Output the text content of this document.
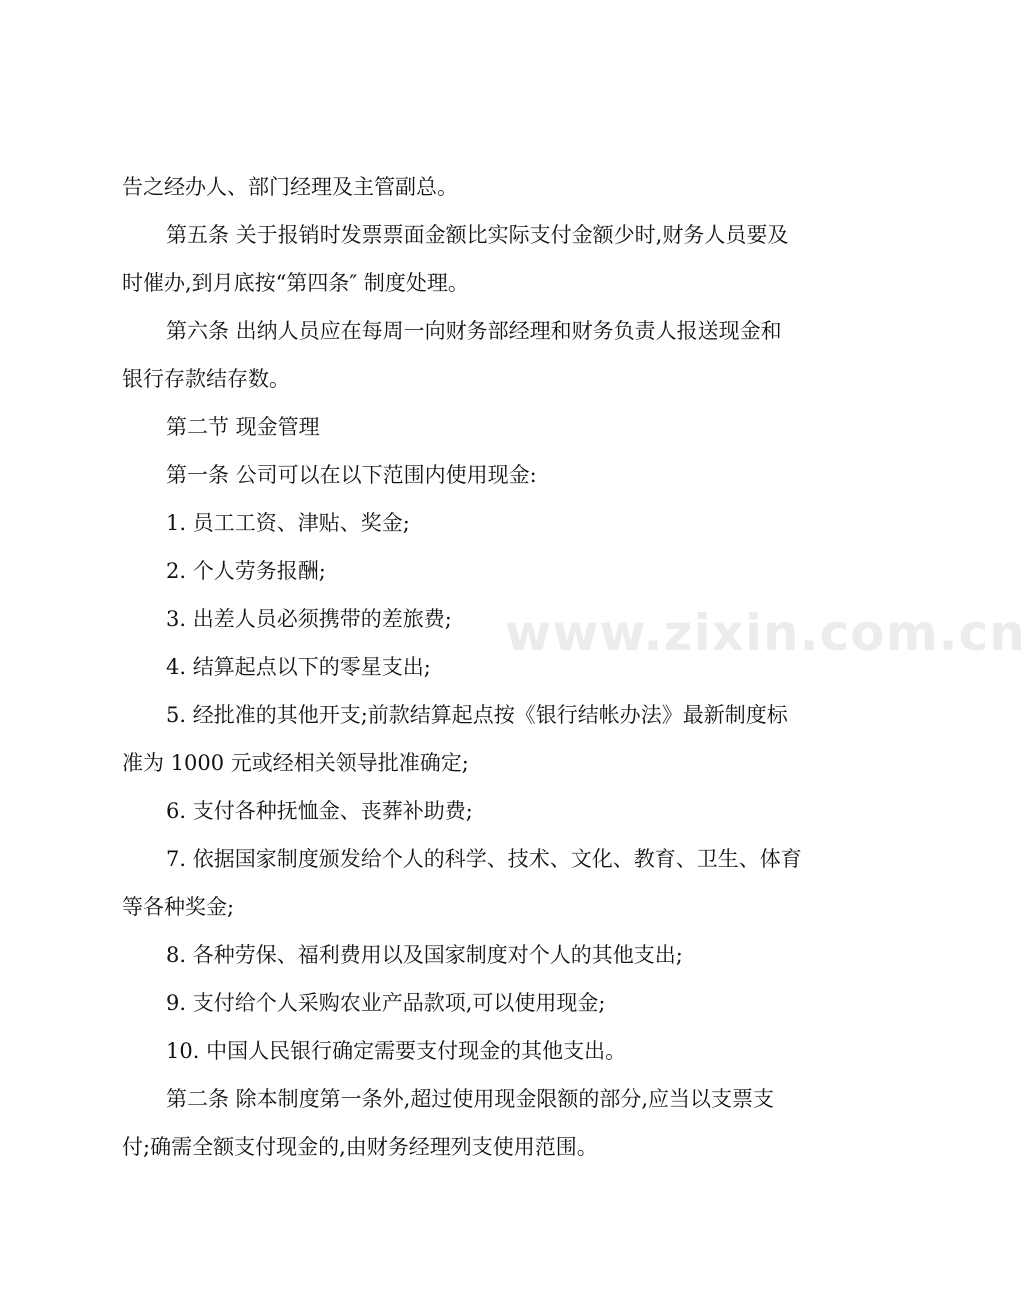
告之经办人、部门经理及主管副总。
第五条 关于报销时发票票面金额比实际支付金额少时,财务人员要及
时催办,到月底按“第四条″ 制度处理。
第六条 出纳人员应在每周一向财务部经理和财务负责人报送现金和
银行存款结存数。
第二节 现金管理
第一条 公司可以在以下范围内使用现金:
1. 员工工资、津贴、奖金;
2. 个人劳务报酬;
3. 出差人员必须携带的差旅费;
4. 结算起点以下的零星支出;
5. 经批准的其他开支;前款结算起点按《银行结帐办法》最新制度标
准为 1000 元或经相关领导批准确定;
6. 支付各种抚恤金、丧葬补助费;
7. 依据国家制度颁发给个人的科学、技术、文化、教育、卫生、体育
等各种奖金;
8. 各种劳保、福利费用以及国家制度对个人的其他支出;
9. 支付给个人采购农业产品款项,可以使用现金;
10. 中国人民银行确定需要支付现金的其他支出。
第二条 除本制度第一条外,超过使用现金限额的部分,应当以支票支
付;确需全额支付现金的,由财务经理列支使用范围。
www.zixin.com.cn
